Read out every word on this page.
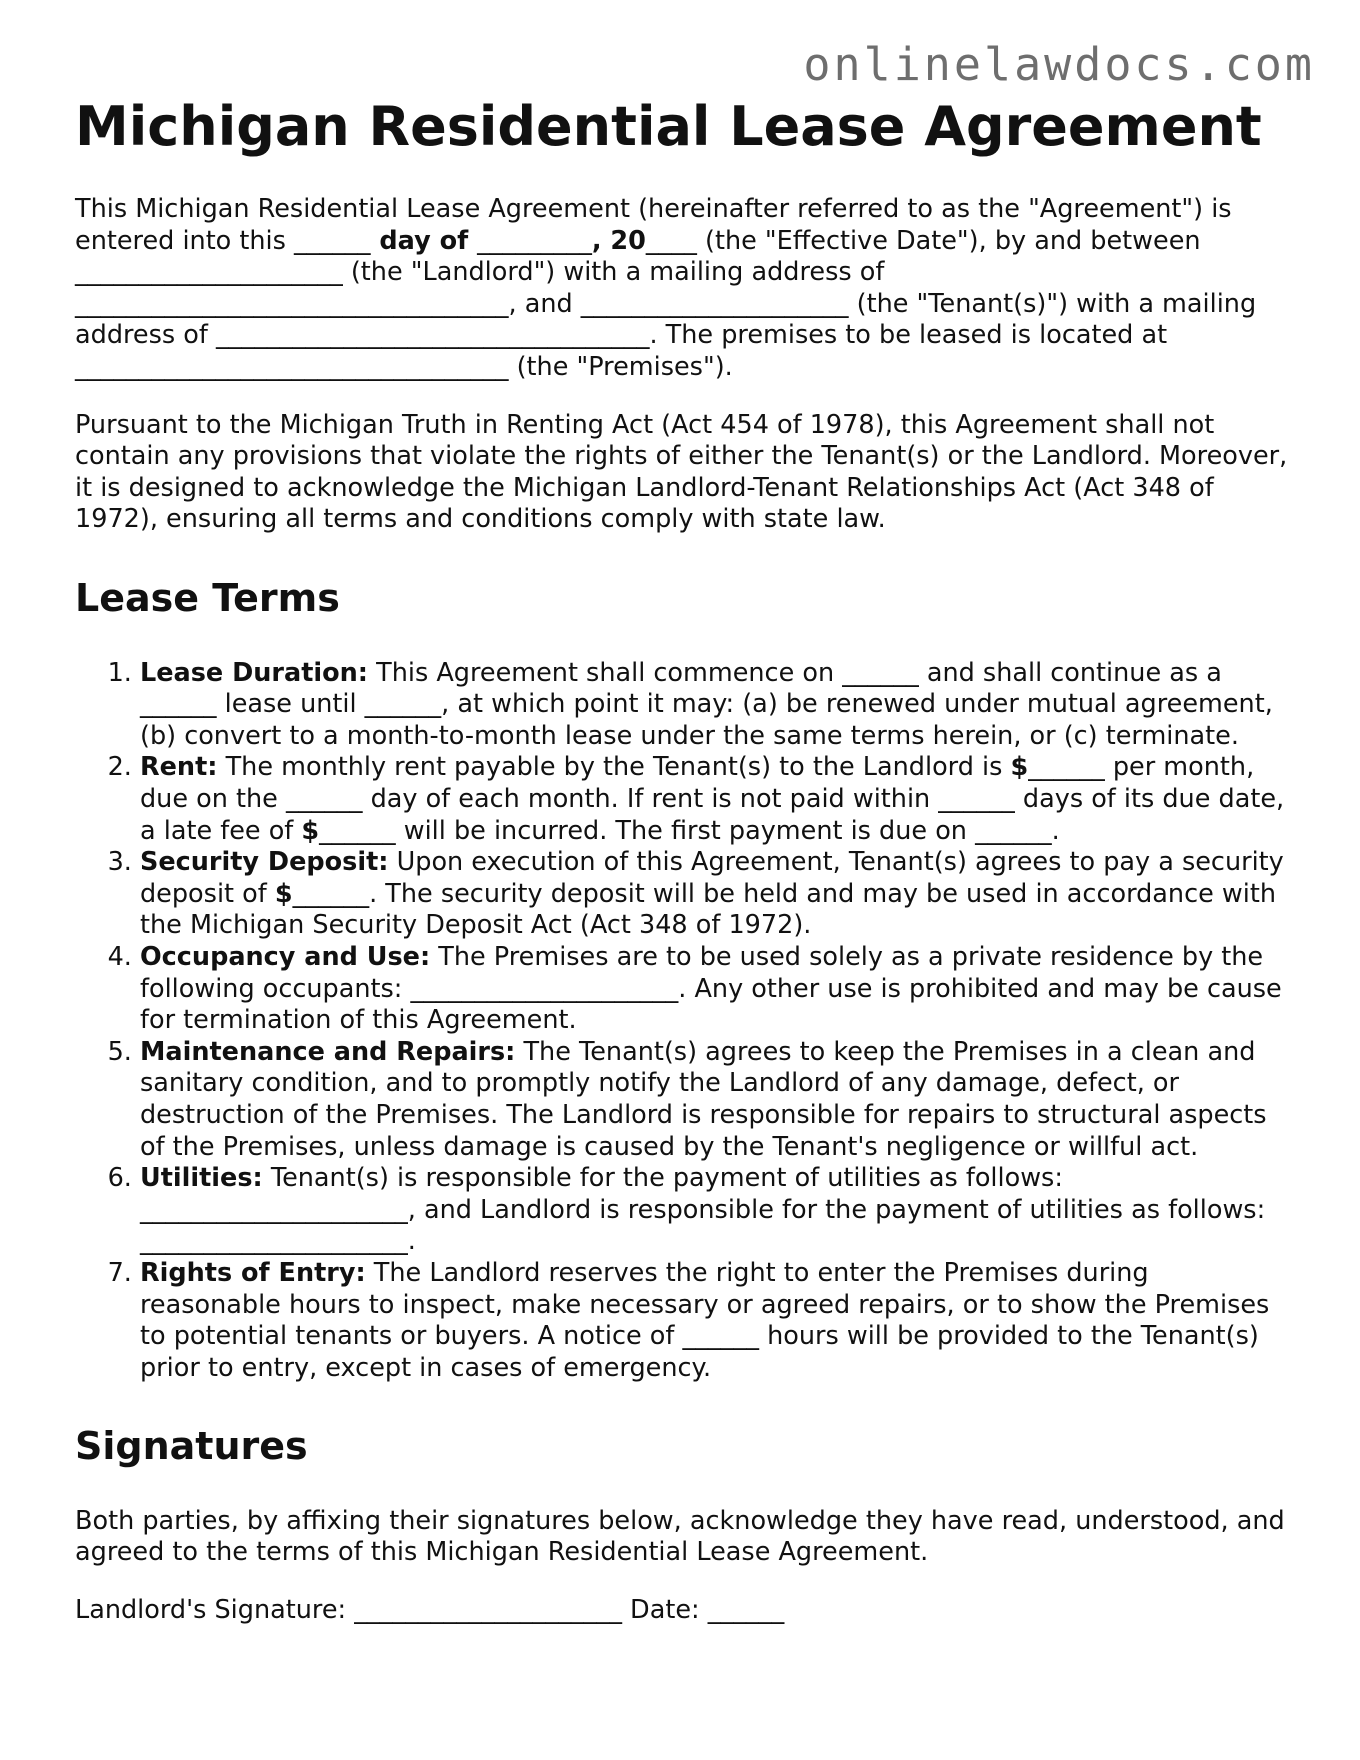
onlinelawdocs.com
Michigan Residential Lease Agreement

This Michigan Residential Lease Agreement (hereinafter referred to as the "Agreement") is entered into this ______ day of _________, 20____ (the "Effective Date"), by and between _____________________ (the "Landlord") with a mailing address of __________________________________, and _____________________ (the "Tenant(s)") with a mailing address of __________________________________. The premises to be leased is located at __________________________________ (the "Premises").

Pursuant to the Michigan Truth in Renting Act (Act 454 of 1978), this Agreement shall not contain any provisions that violate the rights of either the Tenant(s) or the Landlord. Moreover, it is designed to acknowledge the Michigan Landlord-Tenant Relationships Act (Act 348 of 1972), ensuring all terms and conditions comply with state law.

Lease Terms
1. Lease Duration: This Agreement shall commence on ______ and shall continue as a ______ lease until ______, at which point it may: (a) be renewed under mutual agreement, (b) convert to a month-to-month lease under the same terms herein, or (c) terminate.
2. Rent: The monthly rent payable by the Tenant(s) to the Landlord is $______ per month, due on the ______ day of each month. If rent is not paid within ______ days of its due date, a late fee of $______ will be incurred. The first payment is due on ______.
3. Security Deposit: Upon execution of this Agreement, Tenant(s) agrees to pay a security deposit of $______. The security deposit will be held and may be used in accordance with the Michigan Security Deposit Act (Act 348 of 1972).
4. Occupancy and Use: The Premises are to be used solely as a private residence by the following occupants: _____________________. Any other use is prohibited and may be cause for termination of this Agreement.
5. Maintenance and Repairs: The Tenant(s) agrees to keep the Premises in a clean and sanitary condition, and to promptly notify the Landlord of any damage, defect, or destruction of the Premises. The Landlord is responsible for repairs to structural aspects of the Premises, unless damage is caused by the Tenant's negligence or willful act.
6. Utilities: Tenant(s) is responsible for the payment of utilities as follows: _____________________, and Landlord is responsible for the payment of utilities as follows: _____________________.
7. Rights of Entry: The Landlord reserves the right to enter the Premises during reasonable hours to inspect, make necessary or agreed repairs, or to show the Premises to potential tenants or buyers. A notice of ______ hours will be provided to the Tenant(s) prior to entry, except in cases of emergency.
Signatures

Both parties, by affixing their signatures below, acknowledge they have read, understood, and agreed to the terms of this Michigan Residential Lease Agreement.

Landlord's Signature: _____________________ Date: ______
